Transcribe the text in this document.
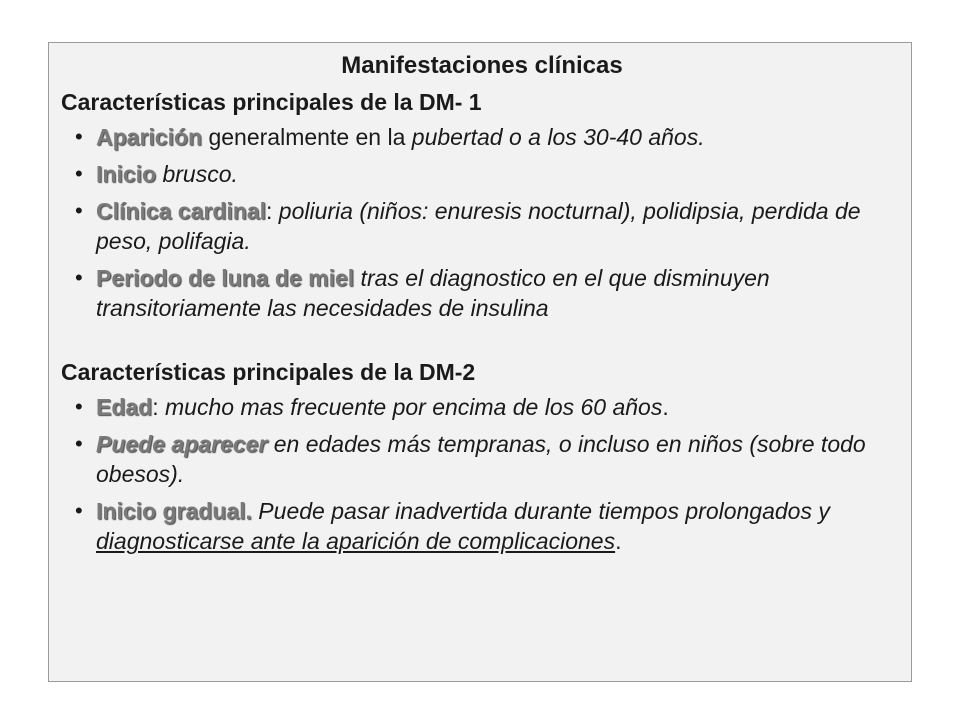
Manifestaciones clínicas
Características principales de la DM- 1
• Aparición generalmente en la pubertad o a los 30-40 años.
• Inicio brusco.
• Clínica cardinal: poliuria (niños: enuresis nocturnal), polidipsia, perdida de peso, polifagia.
• Periodo de luna de miel tras el diagnostico en el que disminuyen transitoriamente las necesidades de insulina
Características principales de la DM-2
• Edad: mucho mas frecuente por encima de los 60 años.
• Puede aparecer en edades más tempranas, o incluso en niños (sobre todo obesos).
• Inicio gradual. Puede pasar inadvertida durante tiempos prolongados y diagnosticarse ante la aparición de complicaciones.
